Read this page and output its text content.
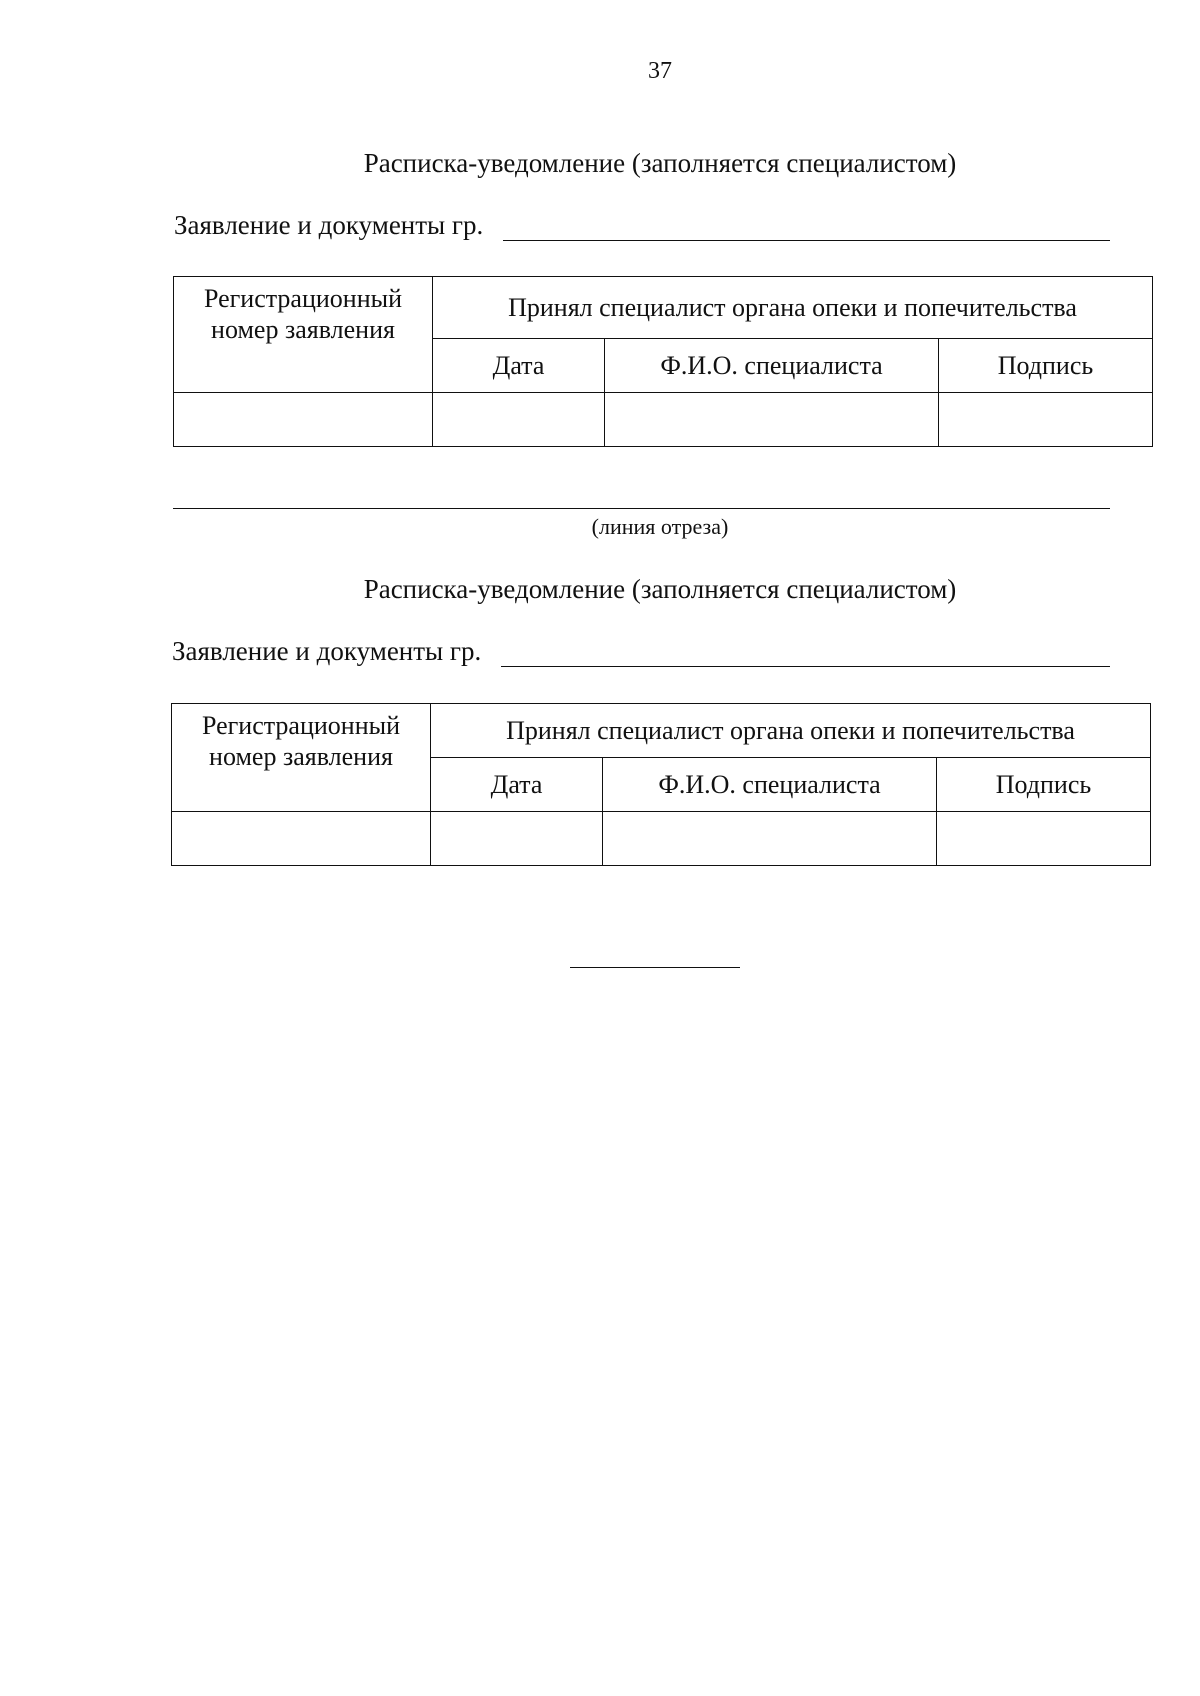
37
Расписка-уведомление (заполняется специалистом)
Заявление и документы гр.
Регистрационный номер заявления	Принял специалист органа опеки и попечительства		
	Дата	Ф.И.О. специалиста	Подпись

(линия отреза)
Расписка-уведомление (заполняется специалистом)
Заявление и документы гр.
Регистрационный номер заявления	Принял специалист органа опеки и попечительства		
	Дата	Ф.И.О. специалиста	Подпись
